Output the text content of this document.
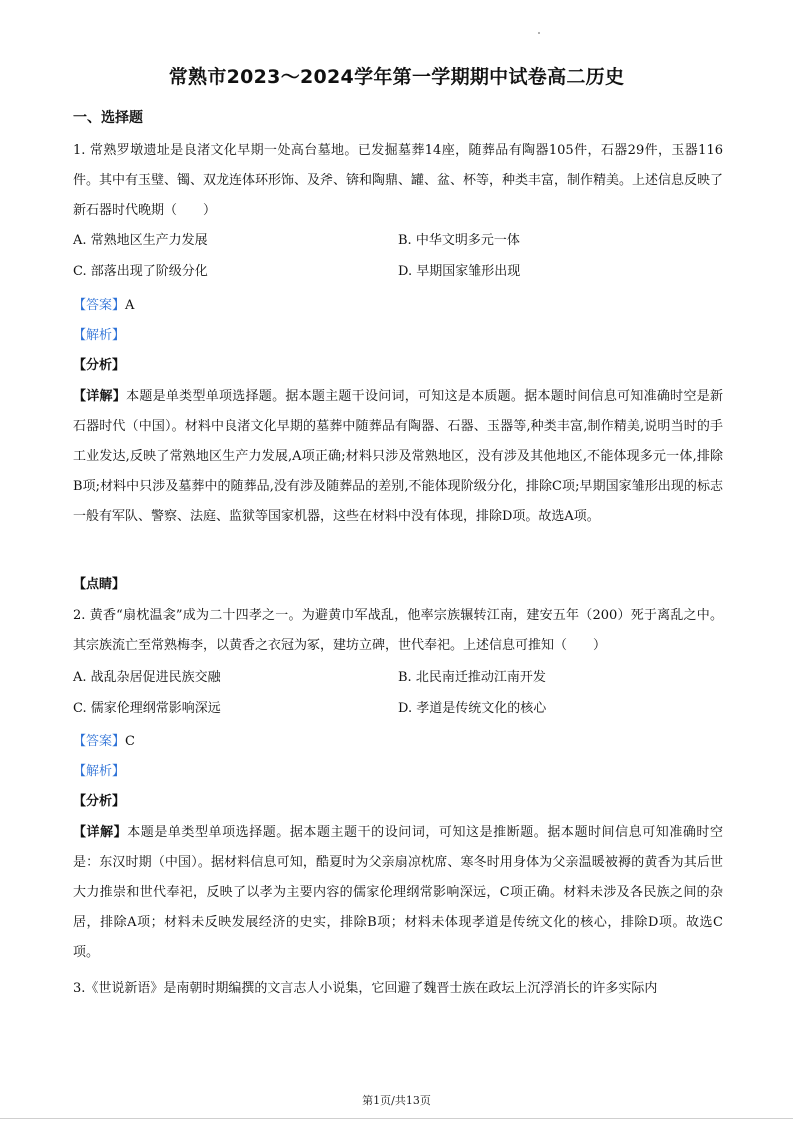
常熟市2023～2024学年第一学期期中试卷高二历史
一、选择题
1. 常熟罗墩遗址是良渚文化早期一处高台墓地。已发掘墓葬14座，随葬品有陶器105件，石器29件，玉器116件。其中有玉璧、镯、双龙连体环形饰、及斧、锛和陶鼎、罐、盆、杯等，种类丰富，制作精美。上述信息反映了新石器时代晚期（　　）
A. 常熟地区生产力发展	B. 中华文明多元一体
C. 部落出现了阶级分化	D. 早期国家雏形出现
【答案】A
【解析】
【分析】
【详解】本题是单类型单项选择题。据本题主题干设问词，可知这是本质题。据本题时间信息可知准确时空是新石器时代（中国）。材料中良渚文化早期的墓葬中随葬品有陶器、石器、玉器等,种类丰富,制作精美,说明当时的手工业发达,反映了常熟地区生产力发展,A项正确;材料只涉及常熟地区，没有涉及其他地区,不能体现多元一体,排除B项;材料中只涉及墓葬中的随葬品,没有涉及随葬品的差别,不能体现阶级分化，排除C项;早期国家雏形出现的标志一般有军队、警察、法庭、监狱等国家机器，这些在材料中没有体现，排除D项。故选A项。
【点睛】
2. 黄香“扇枕温衾”成为二十四孝之一。为避黄巾军战乱，他率宗族辗转江南，建安五年（200）死于离乱之中。其宗族流亡至常熟梅李，以黄香之衣冠为冢，建坊立碑，世代奉祀。上述信息可推知（　　）
A. 战乱杂居促进民族交融	B. 北民南迁推动江南开发
C. 儒家伦理纲常影响深远	D. 孝道是传统文化的核心
【答案】C
【解析】
【分析】
【详解】本题是单类型单项选择题。据本题主题干的设问词，可知这是推断题。据本题时间信息可知准确时空是：东汉时期（中国）。据材料信息可知，酷夏时为父亲扇凉枕席、寒冬时用身体为父亲温暖被褥的黄香为其后世大力推崇和世代奉祀，反映了以孝为主要内容的儒家伦理纲常影响深远，C项正确。材料未涉及各民族之间的杂居，排除A项；材料未反映发展经济的史实，排除B项；材料未体现孝道是传统文化的核心，排除D项。故选C项。
3.《世说新语》是南朝时期编撰的文言志人小说集，它回避了魏晋士族在政坛上沉浮消长的许多实际内
第1页/共13页
